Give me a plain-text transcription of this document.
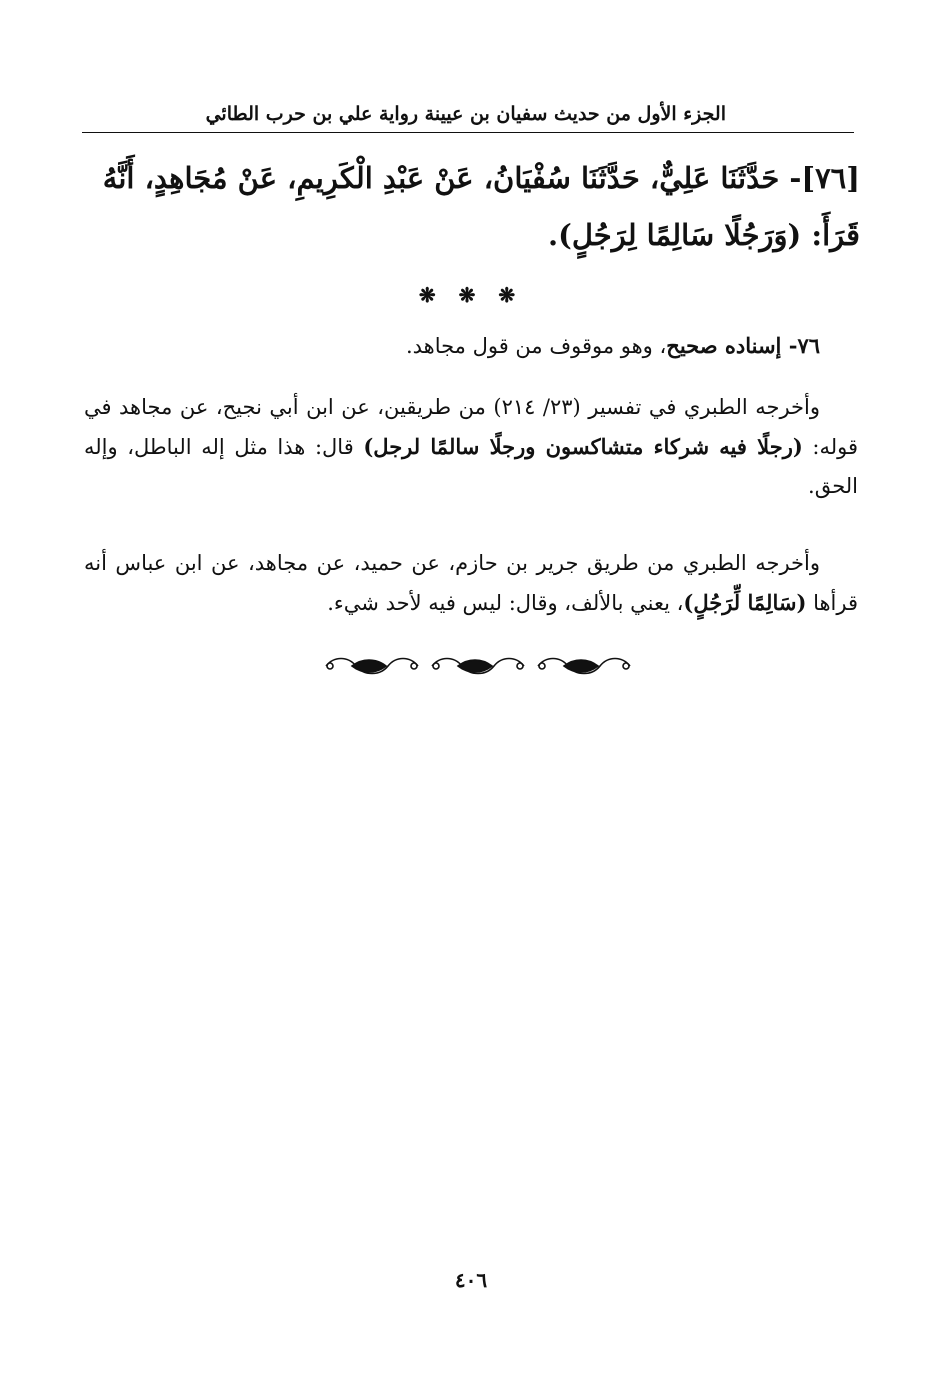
الجزء الأول من حديث سفيان بن عيينة رواية علي بن حرب الطائي
[٧٦]- حَدَّثَنَا عَلِيٌّ، حَدَّثَنَا سُفْيَانُ، عَنْ عَبْدِ الْكَرِيمِ، عَنْ مُجَاهِدٍ، أَنَّهُ
قَرَأَ: (وَرَجُلًا سَالِمًا لِرَجُلٍ).
❋ ❋ ❋
٧٦- إسناده صحيح، وهو موقوف من قول مجاهد.
وأخرجه الطبري في تفسير (٢٣/ ٢١٤) من طريقين، عن ابن أبي نجيح، عن مجاهد في قوله: (رجلًا فيه شركاء متشاكسون ورجلًا سالمًا لرجل) قال: هذا مثل إله الباطل، وإله الحق.
وأخرجه الطبري من طريق جرير بن حازم، عن حميد، عن مجاهد، عن ابن عباس أنه قرأها (سَالِمًا لِّرَجُلٍ)، يعني بالألف، وقال: ليس فيه لأحد شيء.
٤٠٦
